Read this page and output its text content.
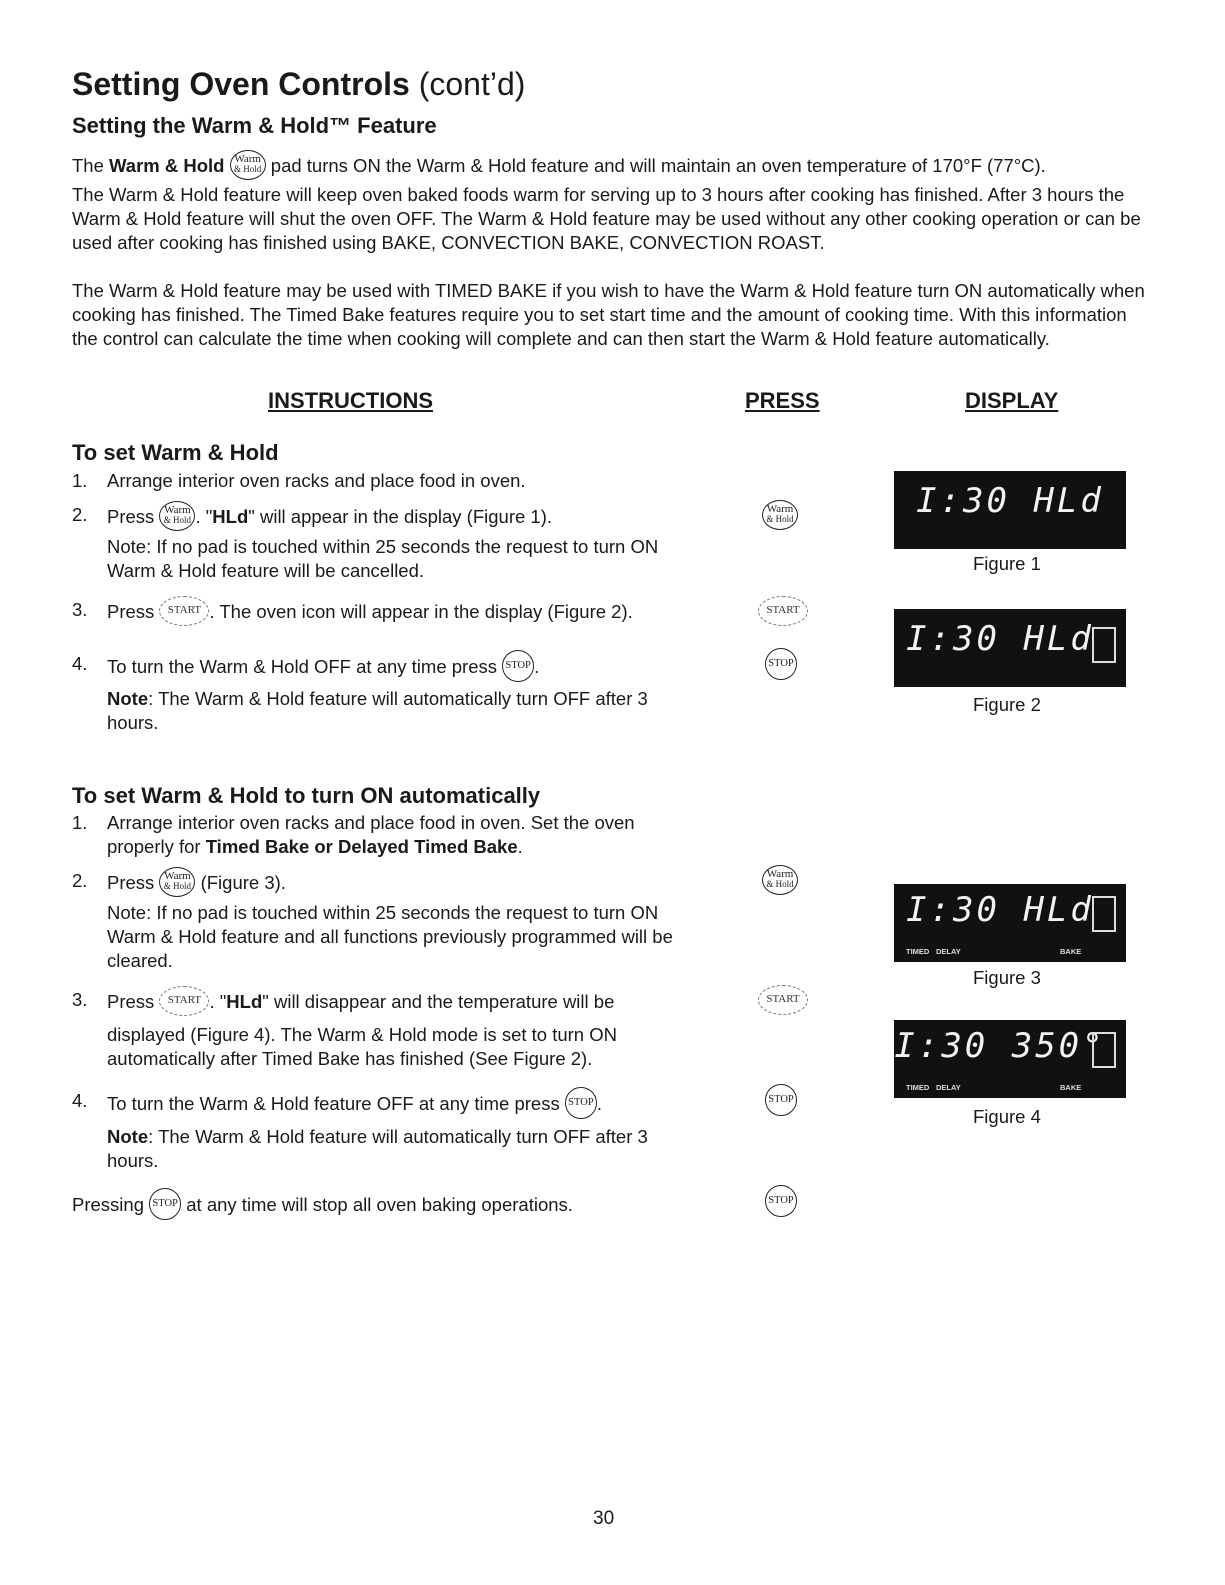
Setting Oven Controls (cont’d)
Setting the Warm & Hold™ Feature
The Warm & Hold Warm
& Hold pad turns ON the Warm & Hold feature and will maintain an oven temperature of 170°F (77°C).
The Warm & Hold feature will keep oven baked foods warm for serving up to 3 hours after cooking has finished. After 3 hours the Warm & Hold feature will shut the oven OFF. The Warm & Hold feature may be used without any other cooking operation or can be used after cooking has finished using BAKE, CONVECTION BAKE, CONVECTION ROAST.
The Warm & Hold feature may be used with TIMED BAKE if you wish to have the Warm & Hold feature turn ON automatically when cooking has finished. The Timed Bake features require you to set start time and the amount of cooking time. With this information the control can calculate the time when cooking will complete and can then start the Warm & Hold feature automatically.
INSTRUCTIONS	PRESS	DISPLAY
To set Warm & Hold
1. Arrange interior oven racks and place food in oven.
2. Press Warm
& Hold . "HLd" will appear in the display (Figure 1).
Note: If no pad is touched within 25 seconds the request to turn ON Warm & Hold feature will be cancelled.
3. Press START . The oven icon will appear in the display (Figure 2).
4. To turn the Warm & Hold OFF at any time press STOP .
Note: The Warm & Hold feature will automatically turn OFF after 3 hours.
Warm
& Hold
START
STOP
I:30 HLd
Figure 1
I:30 HLd
Figure 2
To set Warm & Hold to turn ON automatically
1. Arrange interior oven racks and place food in oven. Set the oven properly for Timed Bake or Delayed Timed Bake.
2. Press Warm
& Hold (Figure 3).
Note: If no pad is touched within 25 seconds the request to turn ON Warm & Hold feature and all functions previously programmed will be cleared.
3. Press START . "HLd" will disappear and the temperature will be
displayed (Figure 4). The Warm & Hold mode is set to turn ON automatically after Timed Bake has finished (See Figure 2).
4. To turn the Warm & Hold feature OFF at any time press STOP .
Note: The Warm & Hold feature will automatically turn OFF after 3 hours.
Pressing STOP at any time will stop all oven baking operations.
Warm
& Hold
START
STOP
STOP
I:30 HLd
TIMED DELAY	BAKE
Figure 3
I:30 350°
TIMED DELAY	BAKE
Figure 4
30
